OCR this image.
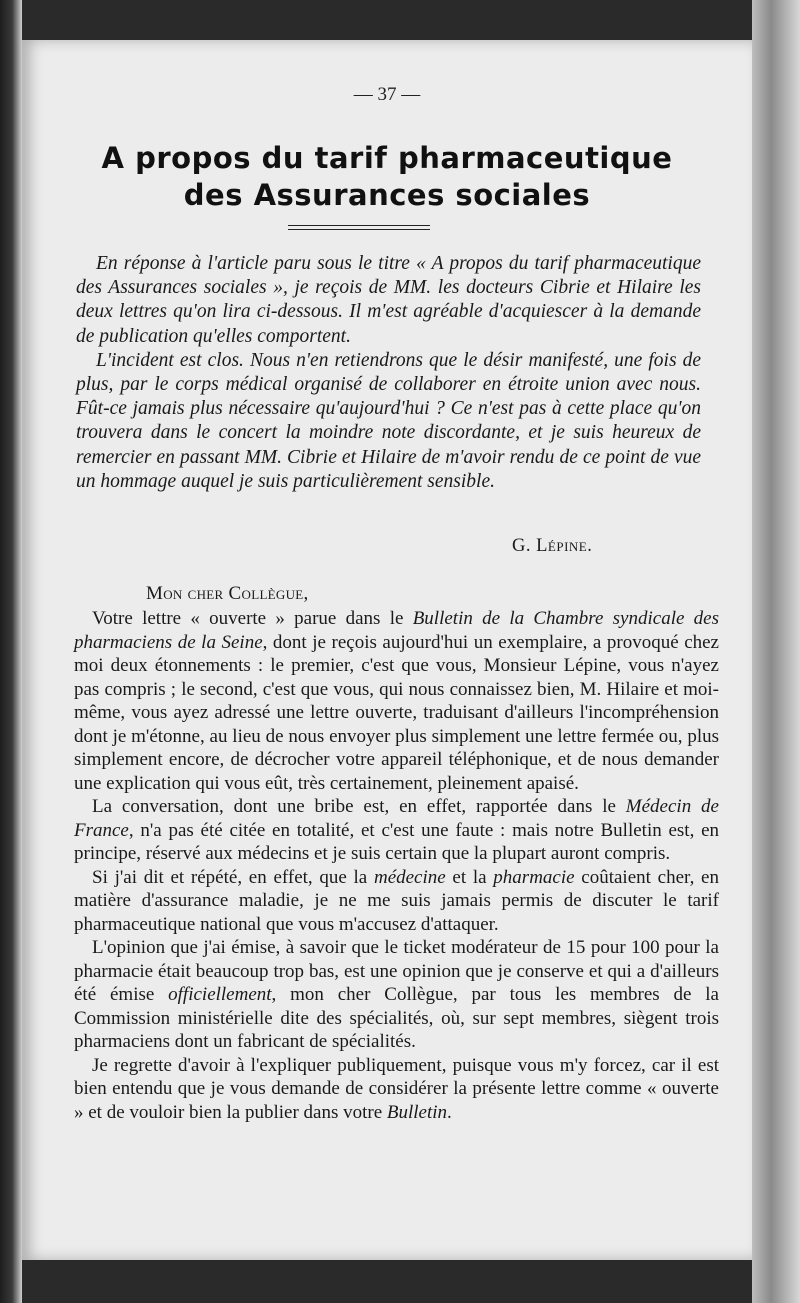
— 37 —
A propos du tarif pharmaceutique
des Assurances sociales

En réponse à l'article paru sous le titre « A propos du tarif pharmaceutique des Assurances sociales », je reçois de MM. les docteurs Cibrie et Hilaire les deux lettres qu'on lira ci-dessous. Il m'est agréable d'acquiescer à la demande de publication qu'elles comportent.

L'incident est clos. Nous n'en retiendrons que le désir manifesté, une fois de plus, par le corps médical organisé de collaborer en étroite union avec nous. Fût-ce jamais plus nécessaire qu'aujourd'hui ? Ce n'est pas à cette place qu'on trouvera dans le concert la moindre note discordante, et je suis heureux de remercier en passant MM. Cibrie et Hilaire de m'avoir rendu de ce point de vue un hommage auquel je suis particulièrement sensible.

G. Lépine.
Mon cher Collègue,

Votre lettre « ouverte » parue dans le Bulletin de la Chambre syndicale des pharmaciens de la Seine, dont je reçois aujourd'hui un exemplaire, a provoqué chez moi deux étonnements : le premier, c'est que vous, Monsieur Lépine, vous n'ayez pas compris ; le second, c'est que vous, qui nous connaissez bien, M. Hilaire et moi-même, vous ayez adressé une lettre ouverte, traduisant d'ailleurs l'incompréhension dont je m'étonne, au lieu de nous envoyer plus simplement une lettre fermée ou, plus simplement encore, de décrocher votre appareil téléphonique, et de nous demander une explication qui vous eût, très certainement, pleinement apaisé.

La conversation, dont une bribe est, en effet, rapportée dans le Médecin de France, n'a pas été citée en totalité, et c'est une faute : mais notre Bulletin est, en principe, réservé aux médecins et je suis certain que la plupart auront compris.

Si j'ai dit et répété, en effet, que la médecine et la pharmacie coûtaient cher, en matière d'assurance maladie, je ne me suis jamais permis de discuter le tarif pharmaceutique national que vous m'accusez d'attaquer.

L'opinion que j'ai émise, à savoir que le ticket modérateur de 15 pour 100 pour la pharmacie était beaucoup trop bas, est une opinion que je conserve et qui a d'ailleurs été émise officiellement, mon cher Collègue, par tous les membres de la Commission ministérielle dite des spécialités, où, sur sept membres, siègent trois pharmaciens dont un fabricant de spécialités.

Je regrette d'avoir à l'expliquer publiquement, puisque vous m'y forcez, car il est bien entendu que je vous demande de considérer la présente lettre comme « ouverte » et de vouloir bien la publier dans votre Bulletin.
